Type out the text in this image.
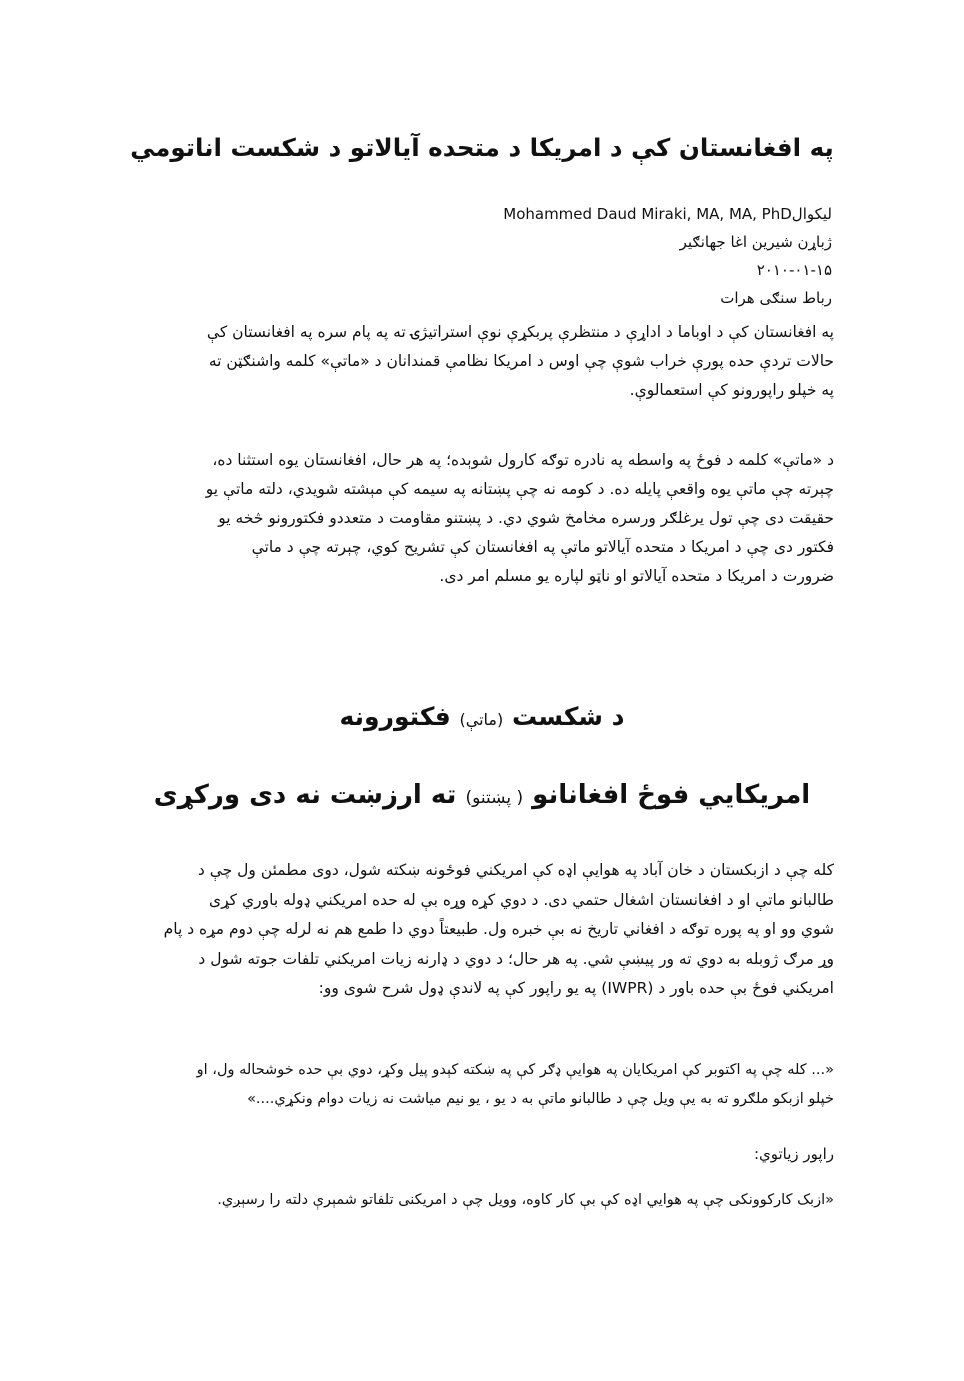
په افغانستان کې د امریکا د متحده آیالاتو د شکست اناتومي
لیکوالMohammed Daud Miraki, MA, MA, PhD
ژباړن شیرین اغا جهانګیر
۲۰۱۰-۰۱-۱۵
رباط سنګی هرات
په افغانستان کې د اوباما د اداړې د منتظرې پربکړې نوې استراتیژۍ ته په پام سره په افغانستان کې
حالات تردې حده پورې خراب شوې چې اوس د امریکا نظامې قمندانان د «ماتې» کلمه واشنګټن ته
په خپلو راپورونو کې استعمالوې.
د «ماتې» کلمه د فوځ په واسطه په نادره توګه کارول شوېده؛ په هر حال، افغانستان یوه استثنا ده،
چېرته چې ماتې یوه واقعې پایله ده. د کومه نه چې پښتانه په سیمه کې مېشته شویدي، دلته ماتې یو
حقیقت دی چې تول یرغلګر ورسره مخامخ شوي دي. د پښتنو مقاومت د متعددو فکتورونو څخه یو
فکتور دی چې د امریکا د متحده آیالاتو ماتې په افغانستان کې تشریح کوي، چېرته چې د ماتې
ضرورت د امریکا د متحده آیالاتو او ناټو لپاره یو مسلم امر دی.
د شکست (ماتې) فکتورونه
امریکایي فوځ افغانانو ( پښتنو) ته ارزښت نه دی ورکړی
کله چې د ازبکستان د خان آباد په هوایې اډه کې امریکني فوځونه ښکته شول، دوی مطمئن ول چې د
طالبانو ماتې او د افغانستان اشغال حتمي دی. د دوي کړه وړه بې له حده امریکني ډوله باوري کړی
شوي وو او په پوره توګه د افغاني تاریخ نه بې خبره ول. طبیعتاً دوي دا طمع هم نه لرله چې دوم مړه د پام
وړ مرګ ژوبله به دوي ته ور پیښې شي. په هر حال؛ د دوي د ډارنه زیات امریکني تلفات جوته شول د
امریکني فوځ بې حده باور د (IWPR) په یو راپور کې په لاندې ډول شرح شوی وو:
«... کله چې په اکتوبر کې امریکایان په هوایې ډګر کې په ښکته کېدو پیل وکړ، دوي بې حده خوشحاله ول، او
خپلو ازبکو ملګرو ته به یې ویل چې د طالبانو ماتې به د یو ، یو نیم میاشت نه زیات دوام ونکړي....»
راپور زیاتوي:
«ازبک کارکوونکی چې په هوایي اډه کې بې کار کاوه، وویل چې د امریکنی تلفاتو شمېرې دلته را رسېږي.
